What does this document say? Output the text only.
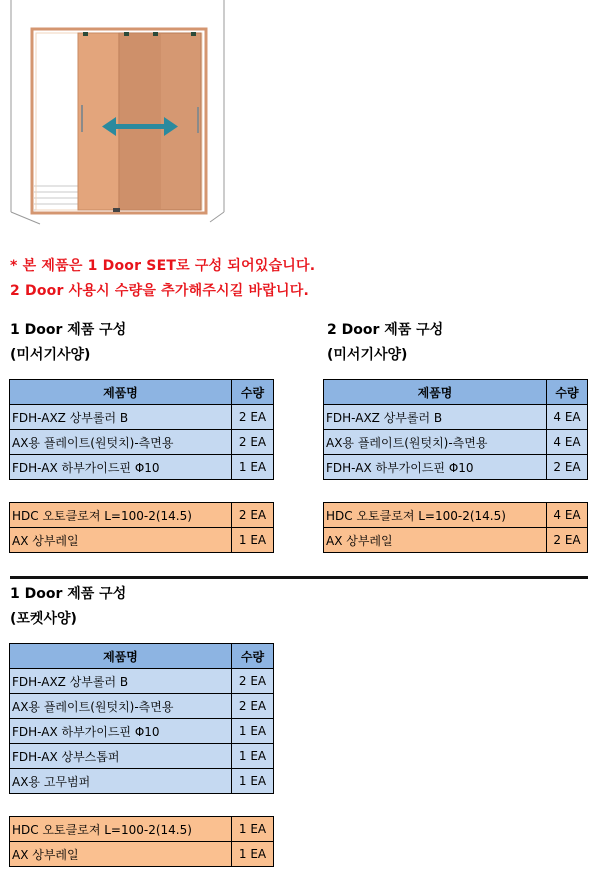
* 본 제품은 1 Door SET로 구성 되어있습니다.
2 Door 사용시 수량을 추가해주시길 바랍니다.
1 Door 제품 구성
(미서기사양)
제품명	수량
FDH-AXZ 상부롤러 B	2 EA
AX용 플레이트(원텃치)-측면용	2 EA
FDH-AX 하부가이드핀 Φ10	1 EA
HDC 오토클로져 L=100-2(14.5)	2 EA
AX 상부레일	1 EA
2 Door 제품 구성
(미서기사양)
제품명	수량
FDH-AXZ 상부롤러 B	4 EA
AX용 플레이트(원텃치)-측면용	4 EA
FDH-AX 하부가이드핀 Φ10	2 EA
HDC 오토클로져 L=100-2(14.5)	4 EA
AX 상부레일	2 EA
1 Door 제품 구성
(포켓사양)
제품명	수량
FDH-AXZ 상부롤러 B	2 EA
AX용 플레이트(원텃치)-측면용	2 EA
FDH-AX 하부가이드핀 Φ10	1 EA
FDH-AX 상부스톱퍼	1 EA
AX용 고무범퍼	1 EA
HDC 오토클로져 L=100-2(14.5)	1 EA
AX 상부레일	1 EA
